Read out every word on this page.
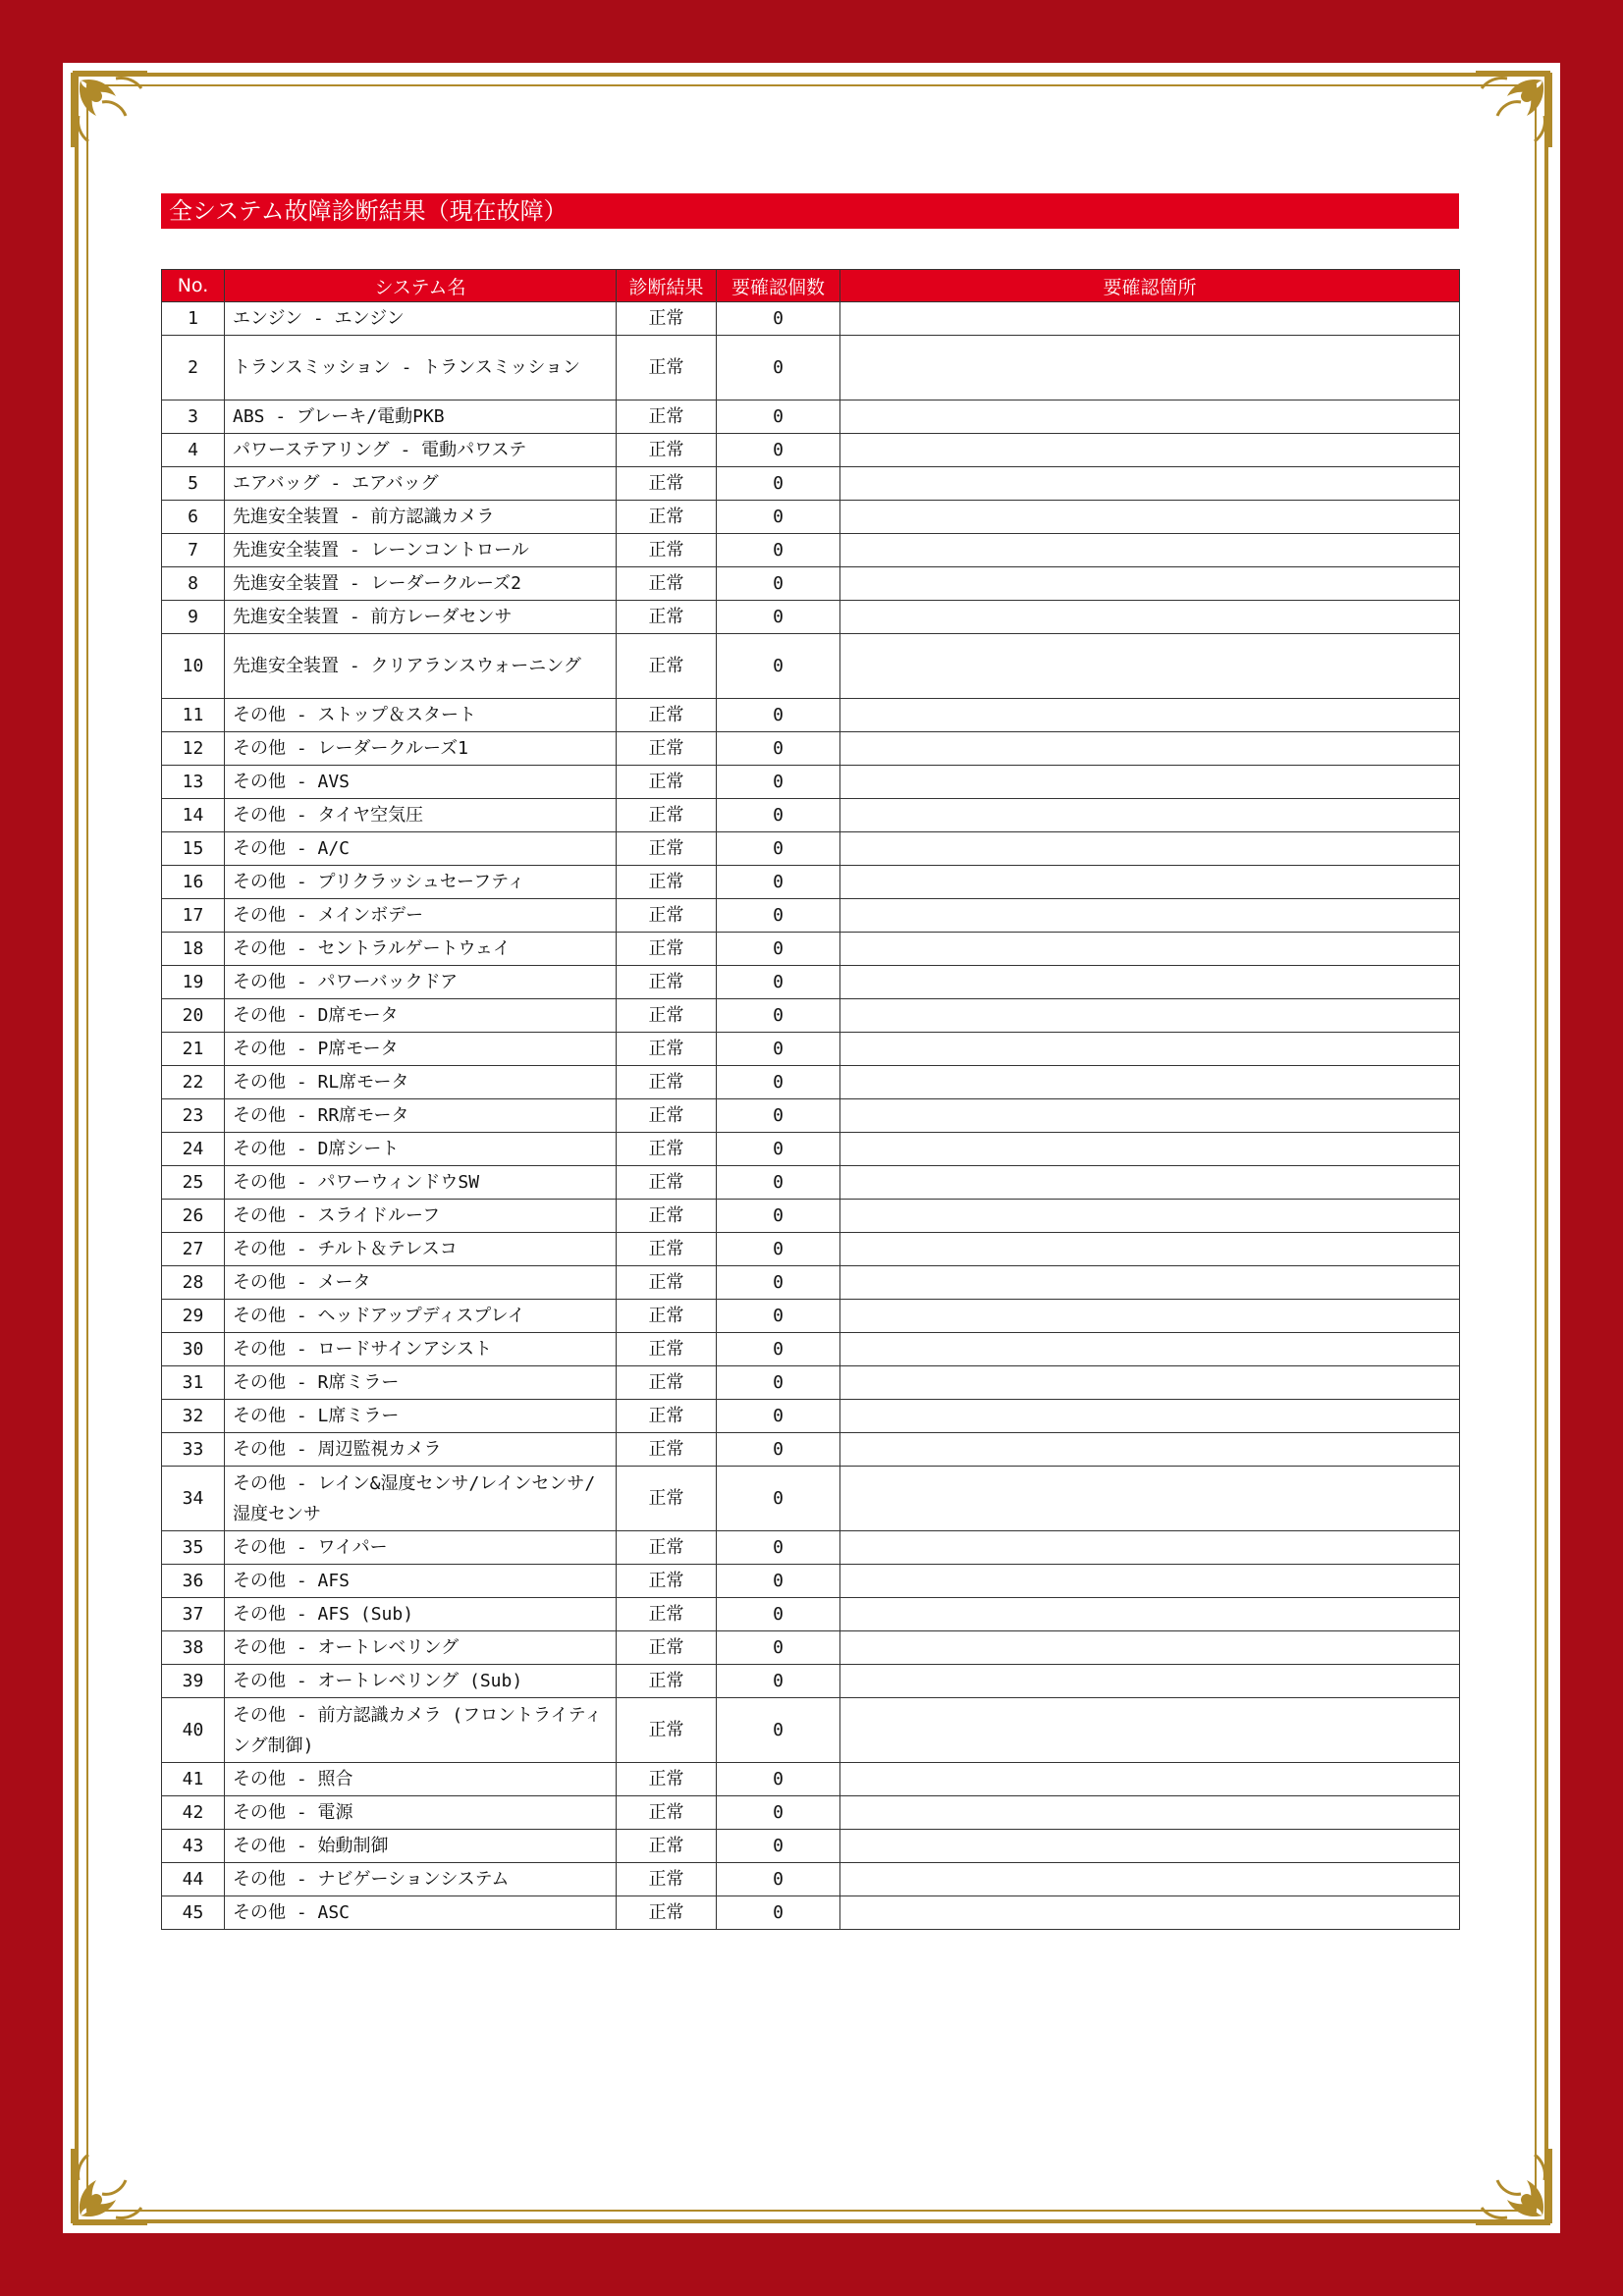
全システム故障診断結果（現在故障）
No.	システム名	診断結果	要確認個数	要確認箇所
1	エンジン - エンジン	正常	0	
2	トランスミッション - トランスミッション	正常	0	
3	ABS - ブレーキ/電動PKB	正常	0	
4	パワーステアリング - 電動パワステ	正常	0	
5	エアバッグ - エアバッグ	正常	0	
6	先進安全装置 - 前方認識カメラ	正常	0	
7	先進安全装置 - レーンコントロール	正常	0	
8	先進安全装置 - レーダークルーズ2	正常	0	
9	先進安全装置 - 前方レーダセンサ	正常	0	
10	先進安全装置 - クリアランスウォーニング	正常	0	
11	その他 - ストップ＆スタート	正常	0	
12	その他 - レーダークルーズ1	正常	0	
13	その他 - AVS	正常	0	
14	その他 - タイヤ空気圧	正常	0	
15	その他 - A/C	正常	0	
16	その他 - プリクラッシュセーフティ	正常	0	
17	その他 - メインボデー	正常	0	
18	その他 - セントラルゲートウェイ	正常	0	
19	その他 - パワーバックドア	正常	0	
20	その他 - D席モータ	正常	0	
21	その他 - P席モータ	正常	0	
22	その他 - RL席モータ	正常	0	
23	その他 - RR席モータ	正常	0	
24	その他 - D席シート	正常	0	
25	その他 - パワーウィンドウSW	正常	0	
26	その他 - スライドルーフ	正常	0	
27	その他 - チルト＆テレスコ	正常	0	
28	その他 - メータ	正常	0	
29	その他 - ヘッドアップディスプレイ	正常	0	
30	その他 - ロードサインアシスト	正常	0	
31	その他 - R席ミラー	正常	0	
32	その他 - L席ミラー	正常	0	
33	その他 - 周辺監視カメラ	正常	0	
34	その他 - レイン&湿度センサ/レインセンサ/湿度センサ	正常	0	
35	その他 - ワイパー	正常	0	
36	その他 - AFS	正常	0	
37	その他 - AFS (Sub)	正常	0	
38	その他 - オートレベリング	正常	0	
39	その他 - オートレベリング (Sub)	正常	0	
40	その他 - 前方認識カメラ (フロントライティング制御)	正常	0	
41	その他 - 照合	正常	0	
42	その他 - 電源	正常	0	
43	その他 - 始動制御	正常	0	
44	その他 - ナビゲーションシステム	正常	0	
45	その他 - ASC	正常	0	
